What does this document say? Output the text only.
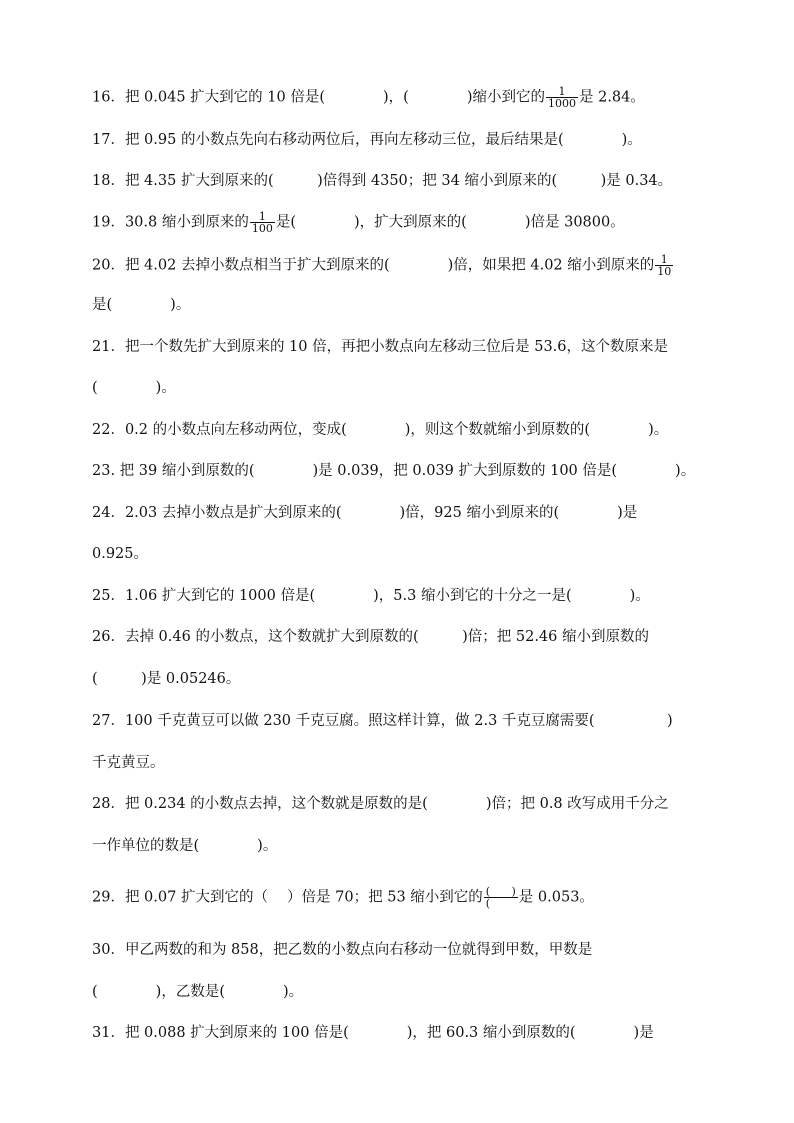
16．把 0.045 扩大到它的 10 倍是(　　　　)，(　　　　)缩小到它的 $\frac{1}{1000}$ 是 2.84。
17．把 0.95 的小数点先向右移动两位后，再向左移动三位，最后结果是(　　　　)。
18．把 4.35 扩大到原来的(　　　)倍得到 4350；把 34 缩小到原来的(　　　)是 0.34。
19．30.8 缩小到原来的 $\frac{1}{100}$ 是(　　　　)，扩大到原来的(　　　　)倍是 30800。
20．把 4.02 去掉小数点相当于扩大到原来的(　　　　)倍，如果把 4.02 缩小到原来的 $\frac{1}{10}$
是(　　　　)。
21．把一个数先扩大到原来的 10 倍，再把小数点向左移动三位后是 53.6，这个数原来是
(　　　　)。
22．0.2 的小数点向左移动两位，变成(　　　　)，则这个数就缩小到原数的(　　　　)。
23. 把 39 缩小到原数的(　　　　)是 0.039，把 0.039 扩大到原数的 100 倍是(　　　　)。
24．2.03 去掉小数点是扩大到原来的(　　　　)倍，925 缩小到原来的(　　　　)是
0.925。
25．1.06 扩大到它的 1000 倍是(　　　　)，5.3 缩小到它的十分之一是(　　　　)。
26．去掉 0.46 的小数点，这个数就扩大到原数的(　　　)倍；把 52.46 缩小到原数的
(　　　)是 0.05246。
27．100 千克黄豆可以做 230 千克豆腐。照这样计算，做 2.3 千克豆腐需要(　　　　　)
千克黄豆。
28．把 0.234 的小数点去掉，这个数就是原数的是(　　　　)倍；把 0.8 改写成用千分之
一作单位的数是(　　　　)。
29．把 0.07 扩大到它的（　 ）倍是 70；把 53 缩小到它的 ( ) ( 是 0.053。
30．甲乙两数的和为 858，把乙数的小数点向右移动一位就得到甲数，甲数是
(　　　　)，乙数是(　　　　)。
31．把 0.088 扩大到原来的 100 倍是(　　　　)，把 60.3 缩小到原数的(　　　　)是
